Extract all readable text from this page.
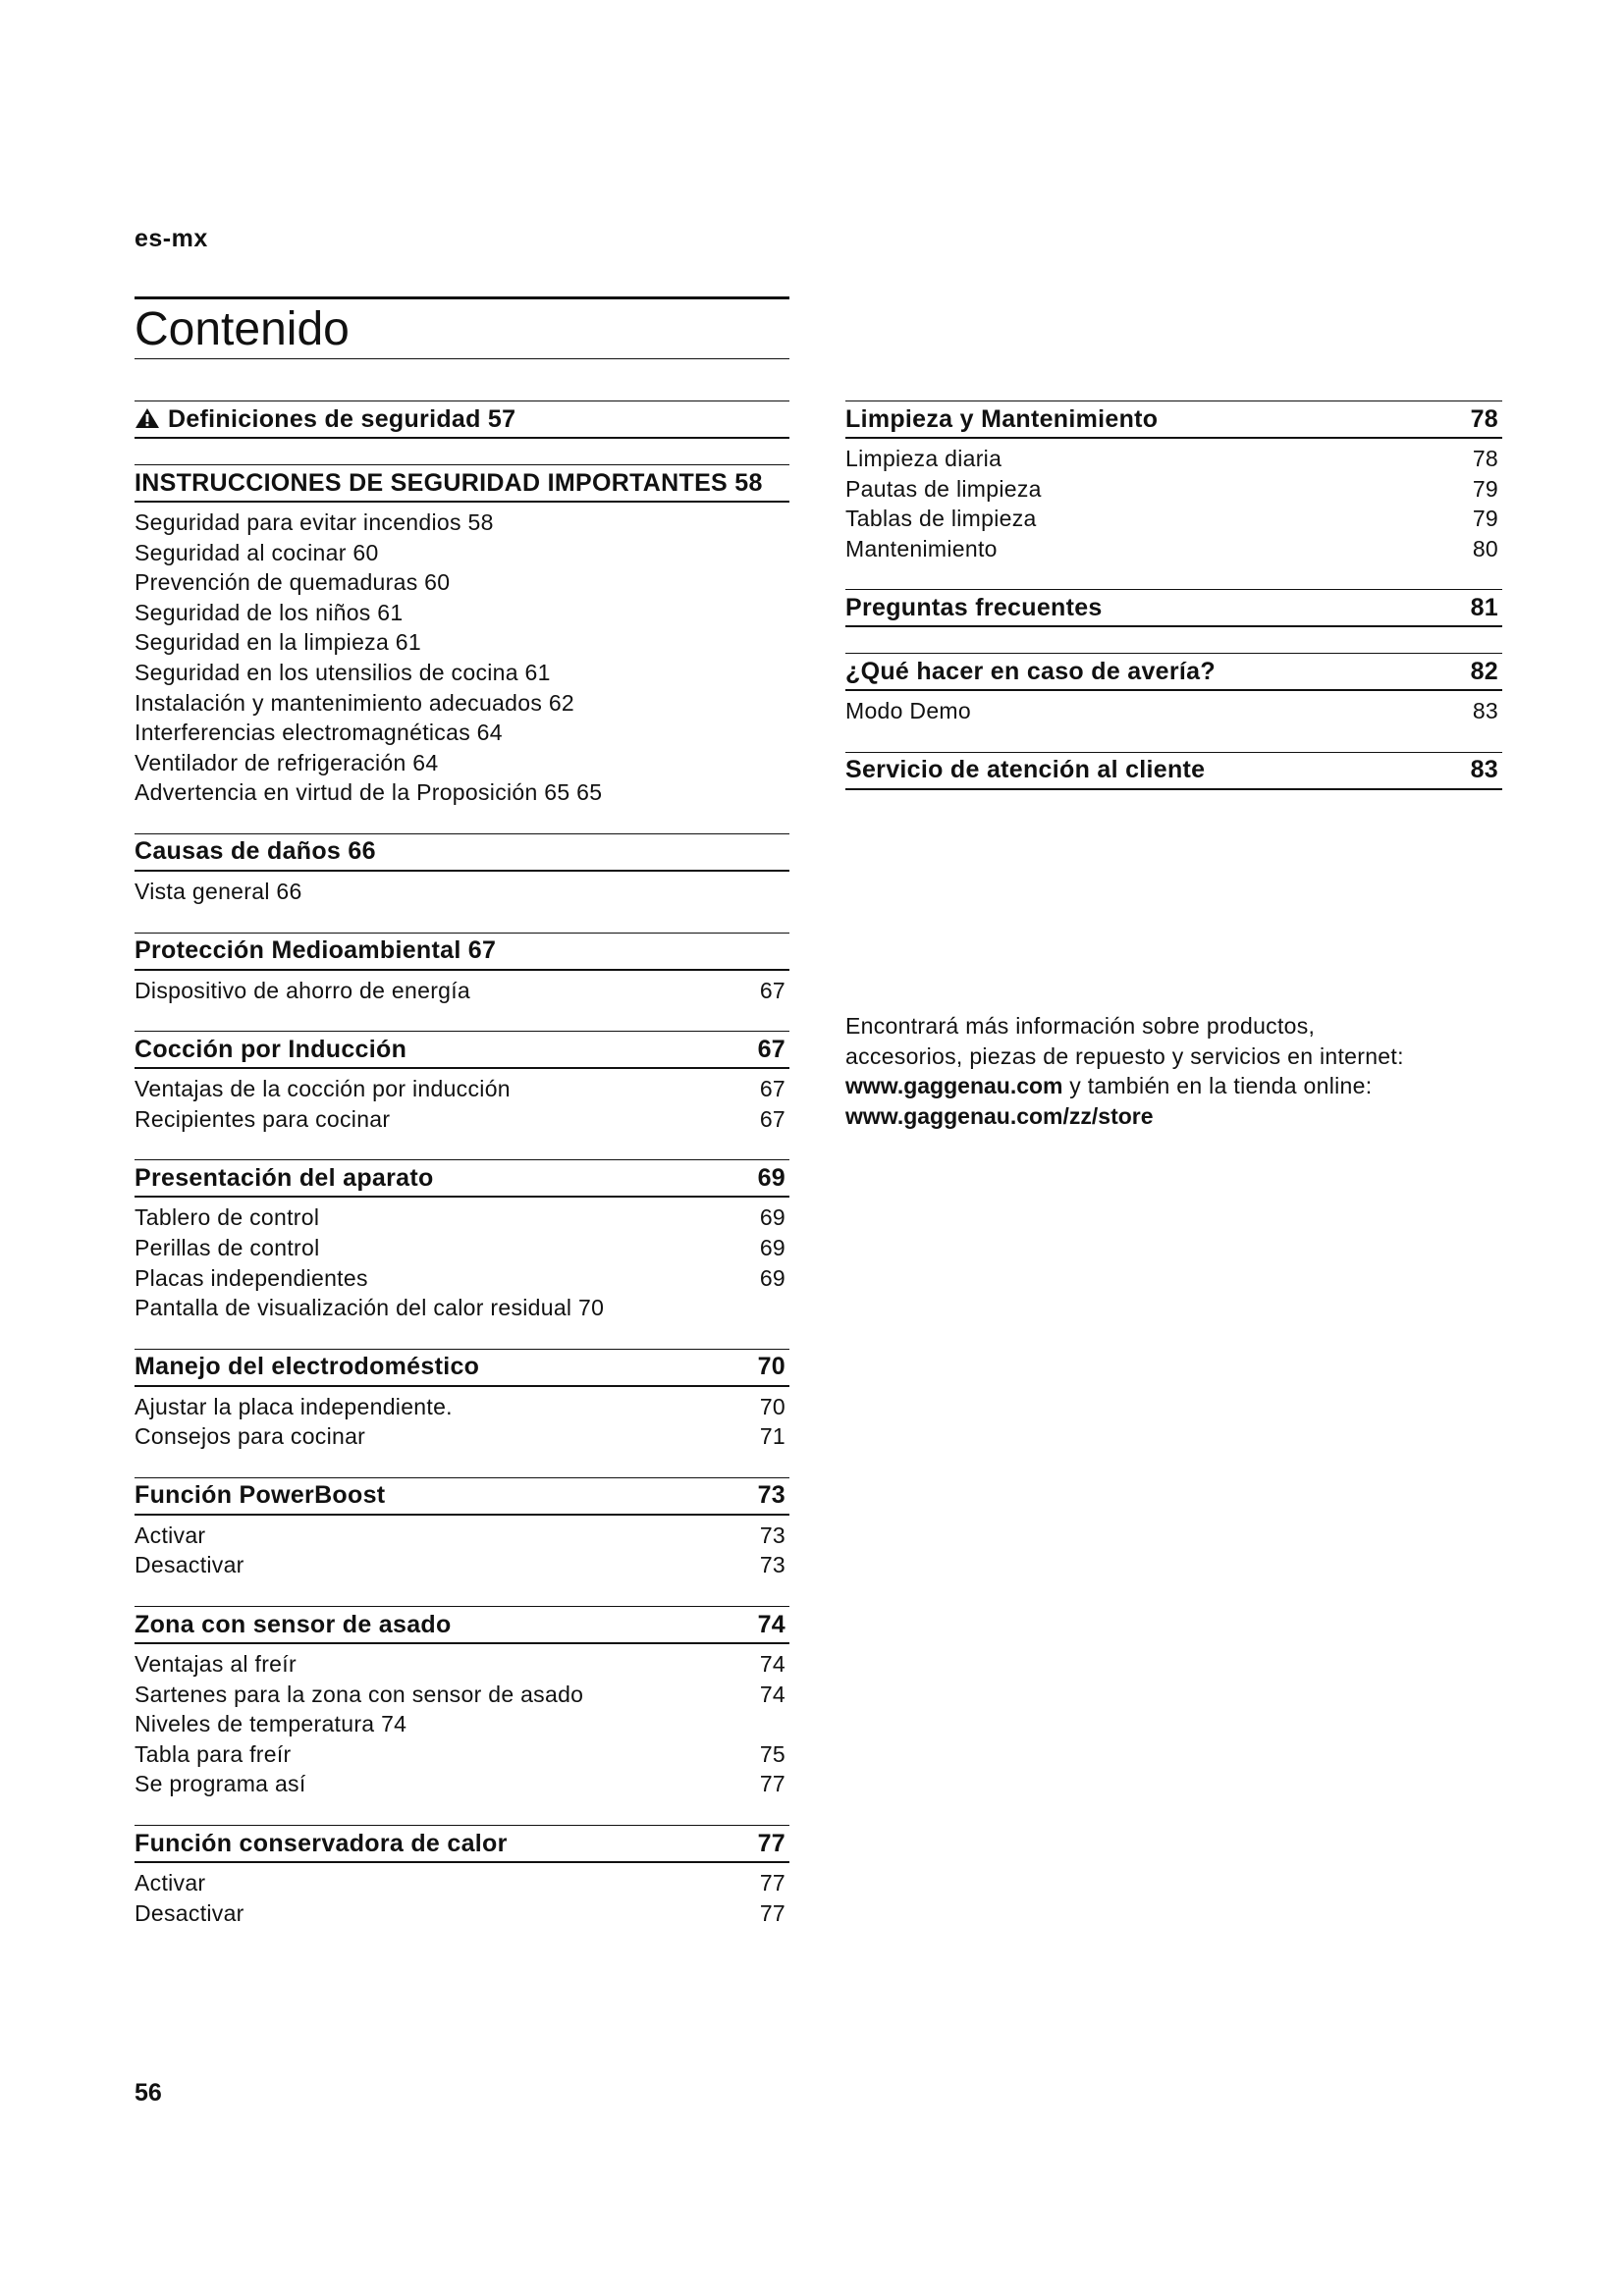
es-mx
Contenido
Definiciones de seguridad 57
INSTRUCCIONES DE SEGURIDAD IMPORTANTES 58
Seguridad para evitar incendios 58
Seguridad al cocinar 60
Prevención de quemaduras 60
Seguridad de los niños 61
Seguridad en la limpieza 61
Seguridad en los utensilios de cocina 61
Instalación y mantenimiento adecuados 62
Interferencias electromagnéticas 64
Ventilador de refrigeración 64
Advertencia en virtud de la Proposición 65 65
Causas de daños 66
Vista general 66
Protección Medioambiental 67
Dispositivo de ahorro de energía	67
Cocción por Inducción	67
Ventajas de la cocción por inducción	67
Recipientes para cocinar	67
Presentación del aparato	69
Tablero de control	69
Perillas de control	69
Placas independientes	69
Pantalla de visualización del calor residual 70
Manejo del electrodoméstico	70
Ajustar la placa independiente.	70
Consejos para cocinar	71
Función PowerBoost	73
Activar	73
Desactivar	73
Zona con sensor de asado	74
Ventajas al freír	74
Sartenes para la zona con sensor de asado	74
Niveles de temperatura 74
Tabla para freír	75
Se programa así	77
Función conservadora de calor	77
Activar	77
Desactivar	77
Limpieza y Mantenimiento	78
Limpieza diaria	78
Pautas de limpieza	79
Tablas de limpieza	79
Mantenimiento	80
Preguntas frecuentes	81
¿Qué hacer en caso de avería?	82
Modo Demo	83
Servicio de atención al cliente	83
Encontrará más información sobre productos,
accesorios, piezas de repuesto y servicios en internet:
www.gaggenau.com y también en la tienda online:
www.gaggenau.com/zz/store
56
